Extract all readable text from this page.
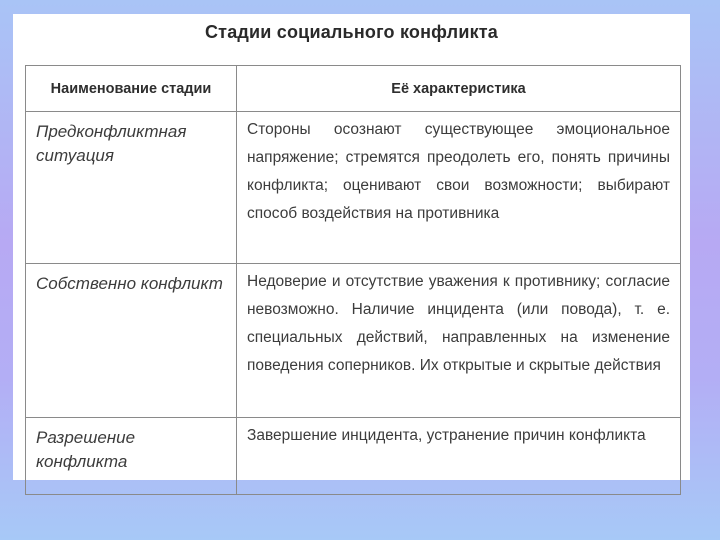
Стадии социального конфликта
Наименование стадии	Её характеристика
Предконфликтная ситуация	Стороны осознают существующее эмоциональное напряжение; стремятся преодолеть его, понять причины конфликта; оценивают свои возможности; выбирают способ воздействия на противника
Собственно конфликт	Недоверие и отсутствие уважения к противнику; согласие невозможно. Наличие инцидента (или повода), т. е. специальных действий, направленных на изменение поведения соперников. Их открытые и скрытые действия
Разрешение конфликта	Завершение инцидента, устранение причин конфликта
